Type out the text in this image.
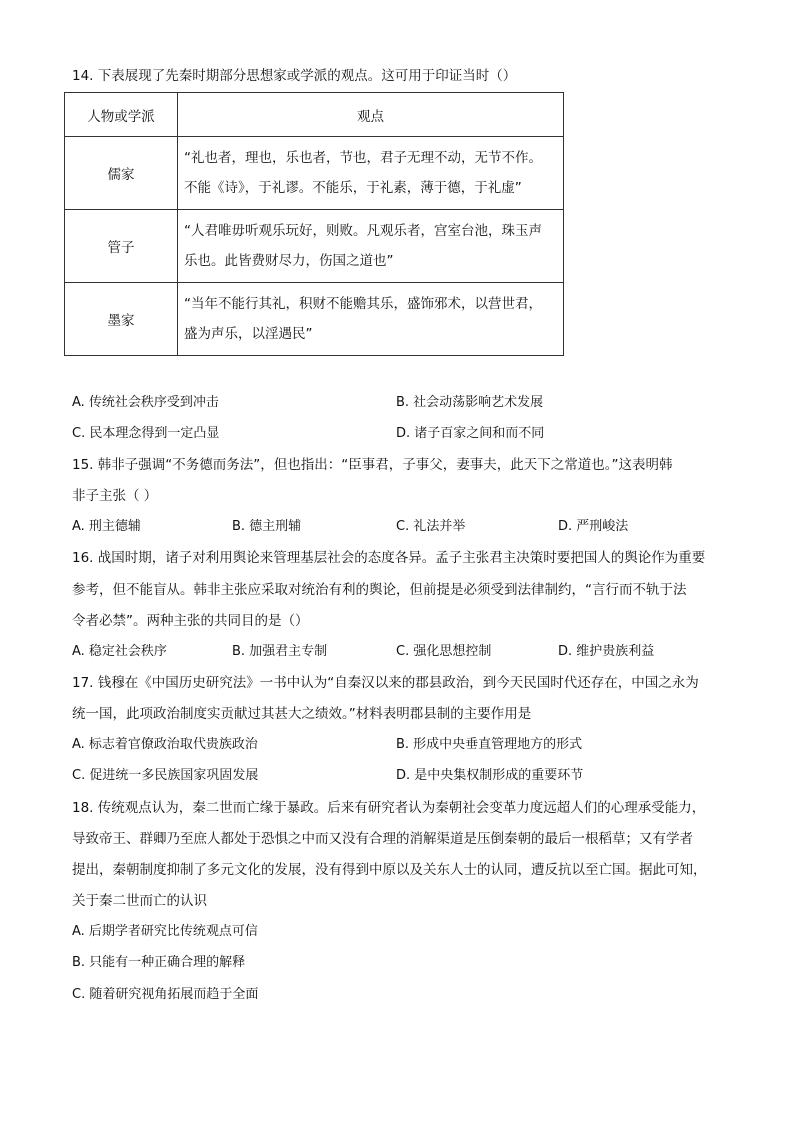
14. 下表展现了先秦时期部分思想家或学派的观点。这可用于印证当时（）
人物或学派	观点
儒家	“礼也者，理也，乐也者，节也，君子无理不动，无节不作。
不能《诗》，于礼谬。不能乐，于礼素，薄于德，于礼虚”

管子	“人君唯毋听观乐玩好，则败。凡观乐者，宫室台池，珠玉声
乐也。此皆费财尽力，伤国之道也”

墨家	“当年不能行其礼，积财不能赡其乐，盛饰邪术，以营世君，
盛为声乐，以淫遇民”
A. 传统社会秩序受到冲击	B. 社会动荡影响艺术发展
C. 民本理念得到一定凸显	D. 诸子百家之间和而不同
15. 韩非子强调“不务德而务法”，但也指出：“臣事君，子事父，妻事夫，此天下之常道也。”这表明韩
非子主张（ ）
A. 刑主德辅	B. 德主刑辅	C. 礼法并举	D. 严刑峻法
16. 战国时期，诸子对利用舆论来管理基层社会的态度各异。孟子主张君主决策时要把国人的舆论作为重要
参考，但不能盲从。韩非主张应采取对统治有利的舆论，但前提是必须受到法律制约，“言行而不轨于法
令者必禁”。两种主张的共同目的是（）
A. 稳定社会秩序	B. 加强君主专制	C. 强化思想控制	D. 维护贵族利益
17. 钱穆在《中国历史研究法》一书中认为“自秦汉以来的郡县政治，到今天民国时代还存在，中国之永为
统一国，此项政治制度实贡献过其甚大之绩效。”材料表明郡县制的主要作用是
A. 标志着官僚政治取代贵族政治	B. 形成中央垂直管理地方的形式
C. 促进统一多民族国家巩固发展	D. 是中央集权制形成的重要环节
18. 传统观点认为，秦二世而亡缘于暴政。后来有研究者认为秦朝社会变革力度远超人们的心理承受能力，
导致帝王、群卿乃至庶人都处于恐惧之中而又没有合理的消解渠道是压倒秦朝的最后一根稻草；又有学者
提出，秦朝制度抑制了多元文化的发展，没有得到中原以及关东人士的认同，遭反抗以至亡国。据此可知，
关于秦二世而亡的认识
A. 后期学者研究比传统观点可信
B. 只能有一种正确合理的解释
C. 随着研究视角拓展而趋于全面
